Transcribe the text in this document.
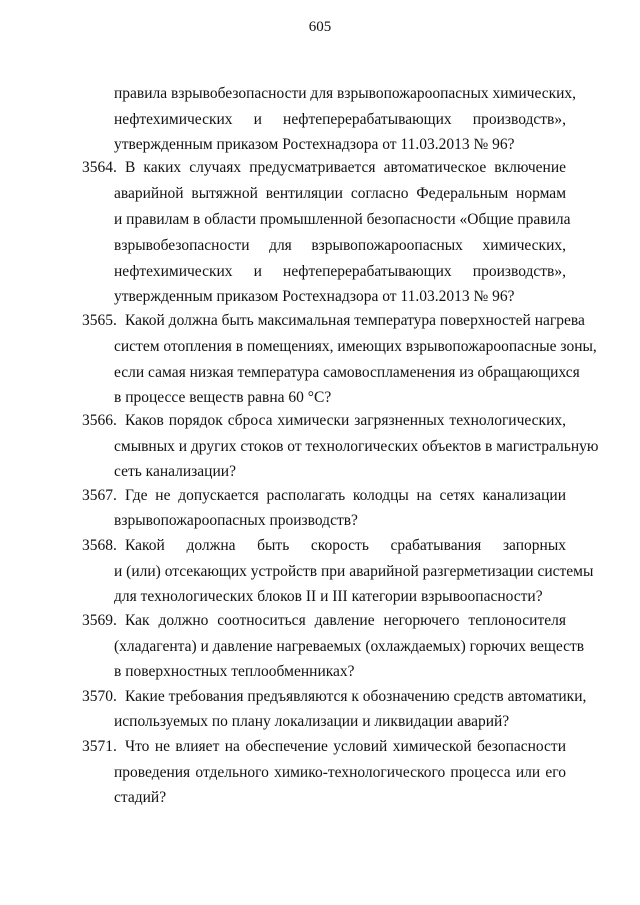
605
правила взрывобезопасности для взрывопожароопасных химических,
нефтехимических и нефтеперерабатывающих производств»,
утвержденным приказом Ростехнадзора от 11.03.2013 № 96?
3564. В каких случаях предусматривается автоматическое включение
аварийной вытяжной вентиляции согласно Федеральным нормам
и правилам в области промышленной безопасности «Общие правила
взрывобезопасности для взрывопожароопасных химических,
нефтехимических и нефтеперерабатывающих производств»,
утвержденным приказом Ростехнадзора от 11.03.2013 № 96?
3565. Какой должна быть максимальная температура поверхностей нагрева
систем отопления в помещениях, имеющих взрывопожароопасные зоны,
если самая низкая температура самовоспламенения из обращающихся
в процессе веществ равна 60 °С?
3566. Каков порядок сброса химически загрязненных технологических,
смывных и других стоков от технологических объектов в магистральную
сеть канализации?
3567. Где не допускается располагать колодцы на сетях канализации
взрывопожароопасных производств?
3568. Какой должна быть скорость срабатывания запорных
и (или) отсекающих устройств при аварийной разгерметизации системы
для технологических блоков II и III категории взрывоопасности?
3569. Как должно соотноситься давление негорючего теплоносителя
(хладагента) и давление нагреваемых (охлаждаемых) горючих веществ
в поверхностных теплообменниках?
3570. Какие требования предъявляются к обозначению средств автоматики,
используемых по плану локализации и ликвидации аварий?
3571. Что не влияет на обеспечение условий химической безопасности
проведения отдельного химико-технологического процесса или его
стадий?
